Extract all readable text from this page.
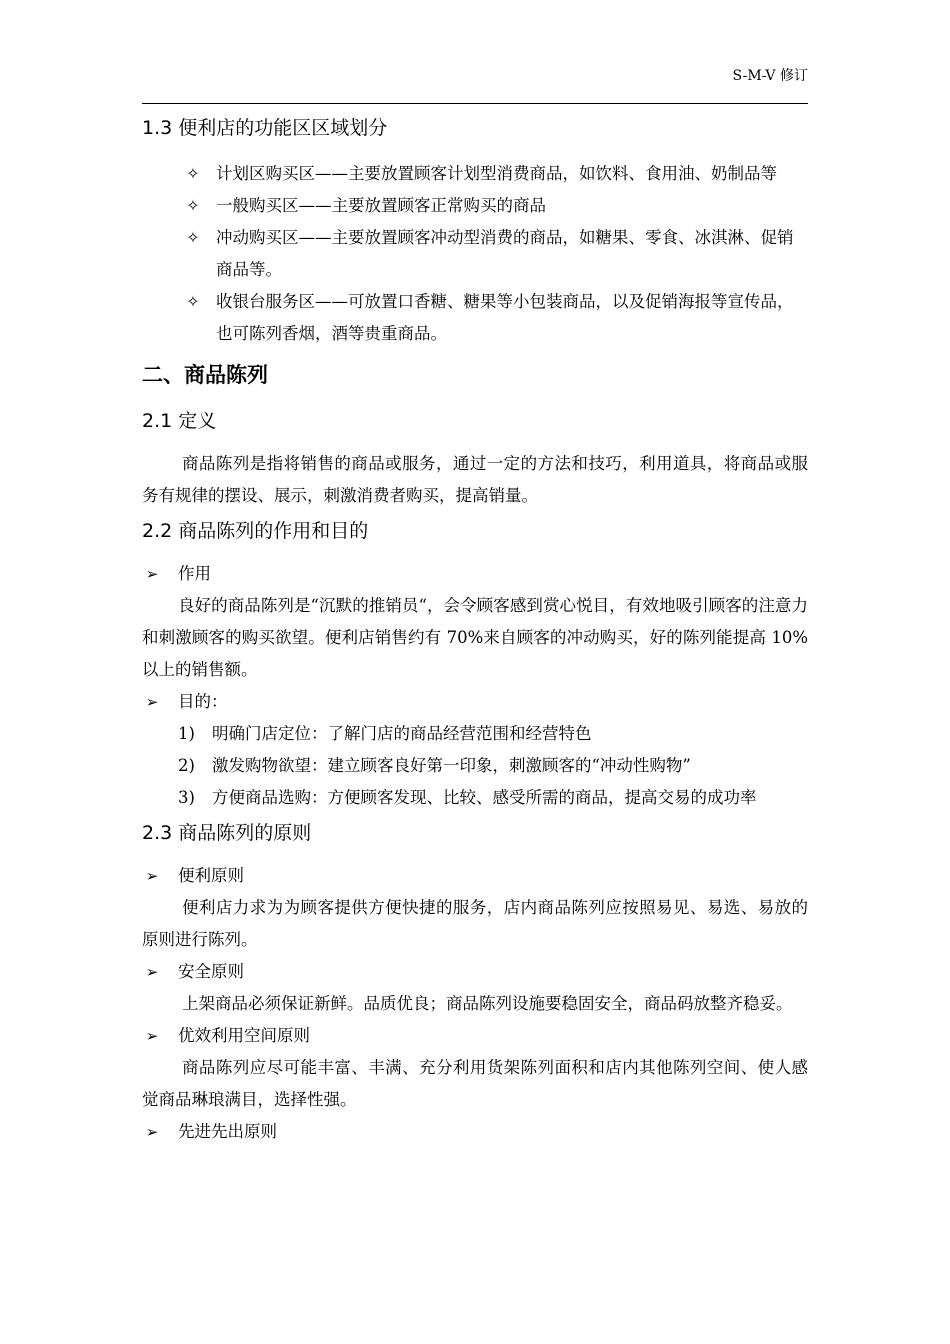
S-M-V 修订
1.3 便利店的功能区区域划分
✧ 计划区购买区——主要放置顾客计划型消费商品，如饮料、食用油、奶制品等
✧ 一般购买区——主要放置顾客正常购买的商品
✧ 冲动购买区——主要放置顾客冲动型消费的商品，如糖果、零食、冰淇淋、促销商品等。
✧ 收银台服务区——可放置口香糖、糖果等小包装商品，以及促销海报等宣传品，也可陈列香烟，酒等贵重商品。
二、商品陈列
2.1 定义
商品陈列是指将销售的商品或服务，通过一定的方法和技巧，利用道具，将商品或服务有规律的摆设、展示，刺激消费者购买，提高销量。
2.2 商品陈列的作用和目的
➢ 作用
良好的商品陈列是“沉默的推销员“，会令顾客感到赏心悦目，有效地吸引顾客的注意力和刺激顾客的购买欲望。便利店销售约有 70%来自顾客的冲动购买，好的陈列能提高 10%以上的销售额。
➢ 目的：
1) 明确门店定位：了解门店的商品经营范围和经营特色
2) 激发购物欲望：建立顾客良好第一印象，刺激顾客的“冲动性购物”
3) 方便商品选购：方便顾客发现、比较、感受所需的商品，提高交易的成功率
2.3 商品陈列的原则
➢ 便利原则
便利店力求为为顾客提供方便快捷的服务，店内商品陈列应按照易见、易选、易放的原则进行陈列。
➢ 安全原则
上架商品必须保证新鲜。品质优良；商品陈列设施要稳固安全，商品码放整齐稳妥。
➢ 优效利用空间原则
商品陈列应尽可能丰富、丰满、充分利用货架陈列面积和店内其他陈列空间、使人感觉商品琳琅满目，选择性强。
➢ 先进先出原则
